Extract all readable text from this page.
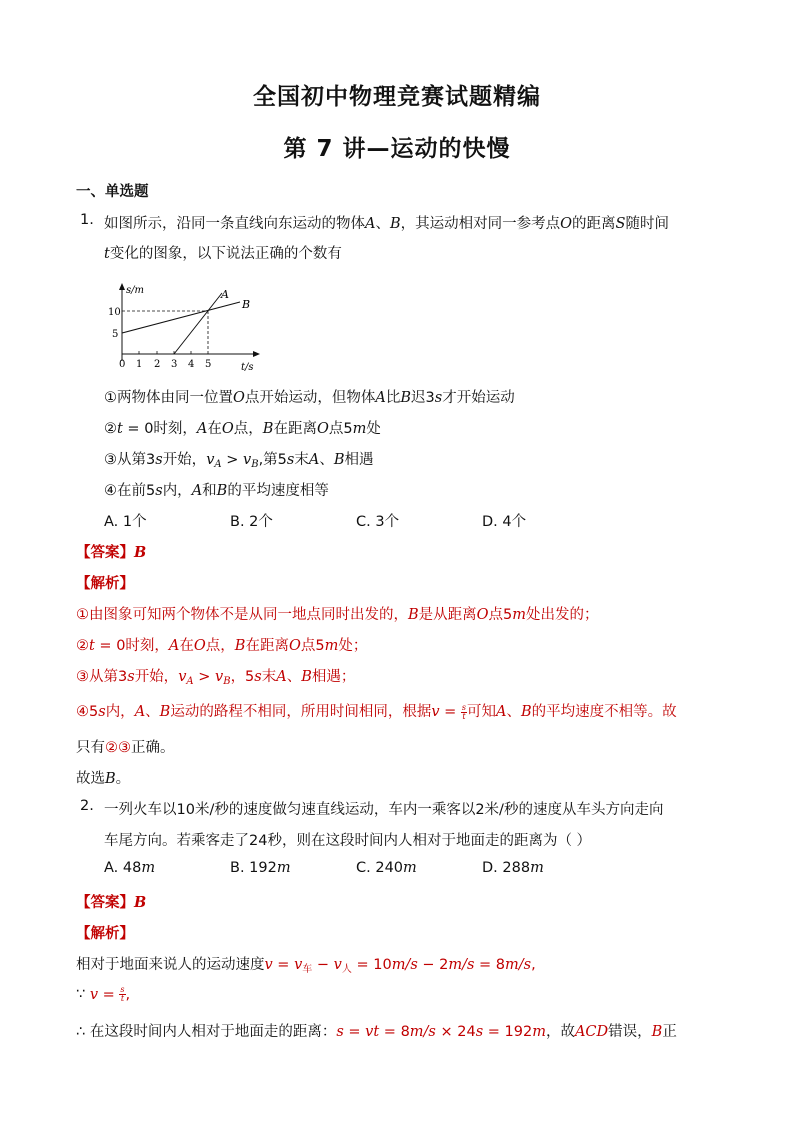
全国初中物理竞赛试题精编
第 7 讲—运动的快慢
一、单选题
1. 如图所示，沿同一条直线向东运动的物体A、B，其运动相对同一参考点O的距离S随时间
t变化的图象，以下说法正确的个数有
s/m
t/s
10
5
0 1 2 3 4 5
A
B
①两物体由同一位置O点开始运动，但物体A比B迟3s才开始运动
②t = 0时刻，A在O点，B在距离O点5m处
③从第3s开始，$v_A > v_B$,第5s末A、B相遇
④在前5s内，A和B的平均速度相等
A. 1个	B. 2个	C. 3个	D. 4个
【答案】B
【解析】
①由图象可知两个物体不是从同一地点同时出发的，B是从距离O点5m处出发的；
②t = 0时刻，A在O点，B在距离O点5m处；
③从第3s开始，$v_A > v_B$，5s末A、B相遇；
④5s内，A、B运动的路程不相同，所用时间相同，根据$v = \frac{s}{t}$ 可知A、B的平均速度不相等。故
只有②③正确。
故选B。
2. 一列火车以10米/秒的速度做匀速直线运动，车内一乘客以2米/秒的速度从车头方向走向
车尾方向。若乘客走了24秒，则在这段时间内人相对于地面走的距离为（ ）
A. 48m	B. 192m	C. 240m	D. 288m
【答案】B
【解析】
相对于地面来说人的运动速度$v = v_车 - v_人 = 10m/s - 2m/s = 8m/s$,
∵ $v = \frac{s}{t}$ ,
∴ 在这段时间内人相对于地面走的距离：s = vt = 8m/s × 24s = 192m，故ACD错误，B正
